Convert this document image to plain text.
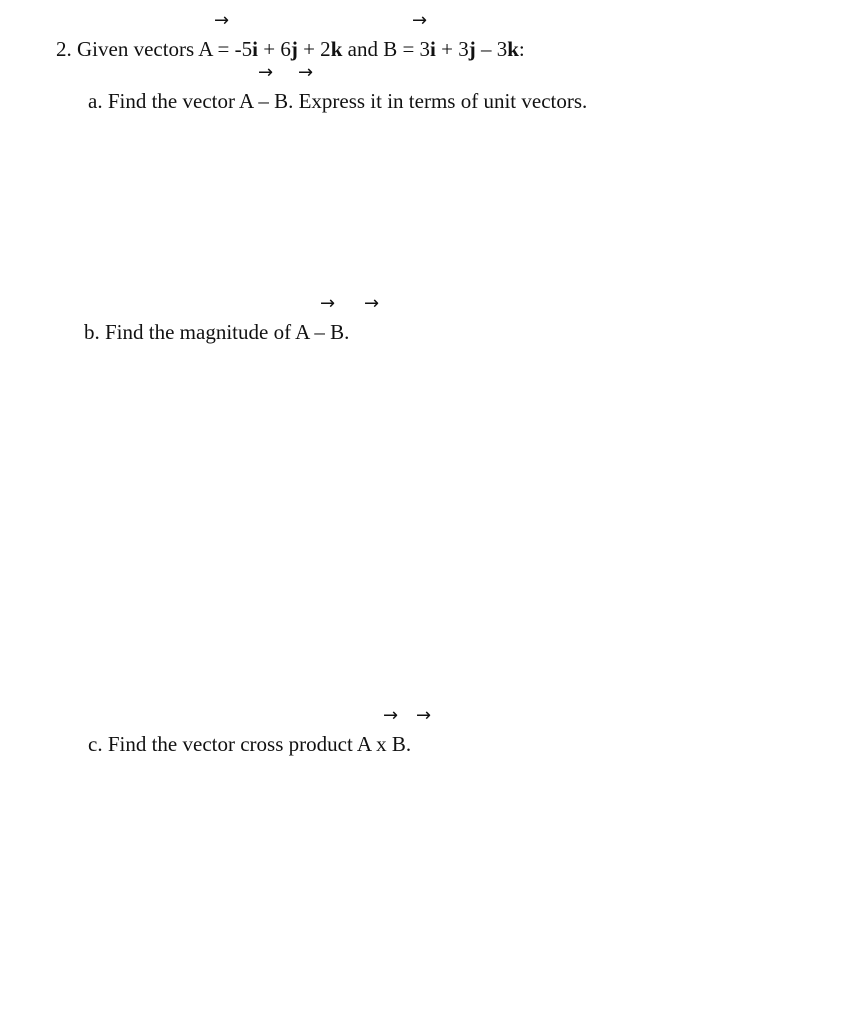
→	→
2. Given vectors A = -5i + 6j + 2k and B = 3i + 3j – 3k:
→ →
a. Find the vector A – B. Express it in terms of unit vectors.
→ →
b. Find the magnitude of A – B.
→ →
c. Find the vector cross product A x B.
